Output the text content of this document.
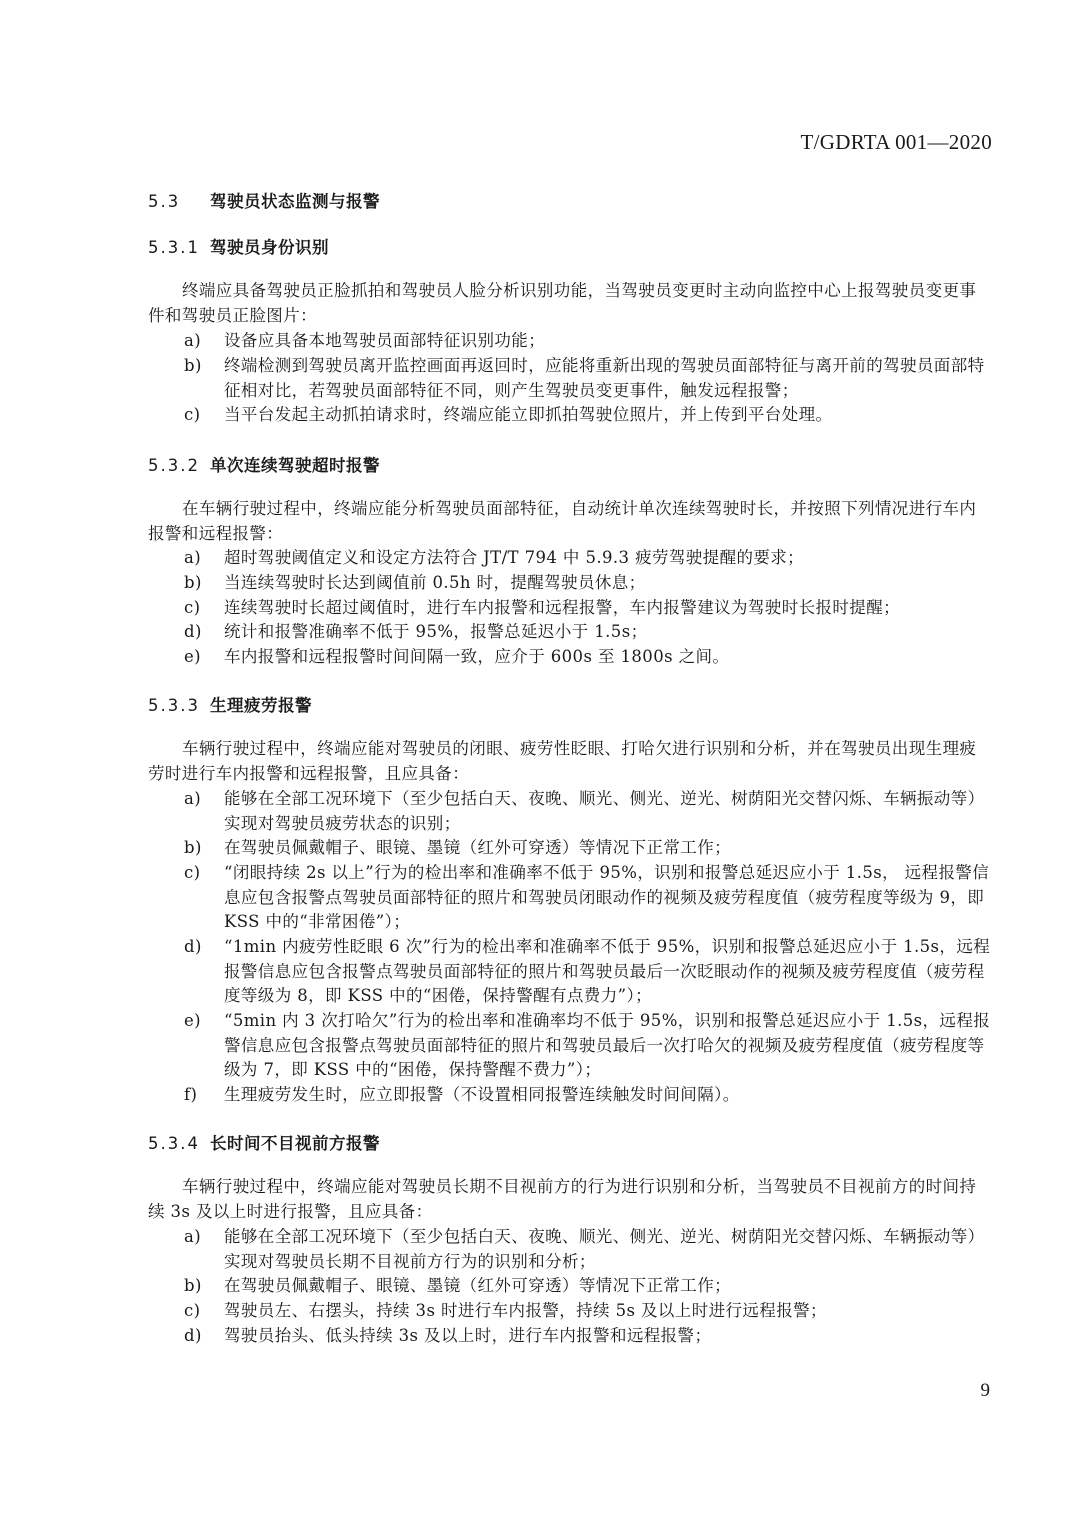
T/GDRTA 001—2020
5.3 驾驶员状态监测与报警
5.3.1 驾驶员身份识别
终端应具备驾驶员正脸抓拍和驾驶员人脸分析识别功能，当驾驶员变更时主动向监控中心上报驾驶员变更事件和驾驶员正脸图片：
a)	设备应具备本地驾驶员面部特征识别功能；
b)	终端检测到驾驶员离开监控画面再返回时，应能将重新出现的驾驶员面部特征与离开前的驾驶员面部特征相对比，若驾驶员面部特征不同，则产生驾驶员变更事件，触发远程报警；
c)	当平台发起主动抓拍请求时，终端应能立即抓拍驾驶位照片，并上传到平台处理。
5.3.2 单次连续驾驶超时报警
在车辆行驶过程中，终端应能分析驾驶员面部特征，自动统计单次连续驾驶时长，并按照下列情况进行车内报警和远程报警：
a)	超时驾驶阈值定义和设定方法符合 JT/T 794 中 5.9.3 疲劳驾驶提醒的要求；
b)	当连续驾驶时长达到阈值前 0.5h 时，提醒驾驶员休息；
c)	连续驾驶时长超过阈值时，进行车内报警和远程报警，车内报警建议为驾驶时长报时提醒；
d)	统计和报警准确率不低于 95%，报警总延迟小于 1.5s；
e)	车内报警和远程报警时间间隔一致，应介于 600s 至 1800s 之间。
5.3.3 生理疲劳报警
车辆行驶过程中，终端应能对驾驶员的闭眼、疲劳性眨眼、打哈欠进行识别和分析，并在驾驶员出现生理疲劳时进行车内报警和远程报警，且应具备：
a)	能够在全部工况环境下（至少包括白天、夜晚、顺光、侧光、逆光、树荫阳光交替闪烁、车辆振动等）实现对驾驶员疲劳状态的识别；
b)	在驾驶员佩戴帽子、眼镜、墨镜（红外可穿透）等情况下正常工作；
c)	“闭眼持续 2s 以上”行为的检出率和准确率不低于 95%，识别和报警总延迟应小于 1.5s， 远程报警信息应包含报警点驾驶员面部特征的照片和驾驶员闭眼动作的视频及疲劳程度值（疲劳程度等级为 9，即 KSS 中的“非常困倦”）；
d)	“1min 内疲劳性眨眼 6 次”行为的检出率和准确率不低于 95%，识别和报警总延迟应小于 1.5s，远程报警信息应包含报警点驾驶员面部特征的照片和驾驶员最后一次眨眼动作的视频及疲劳程度值（疲劳程度等级为 8，即 KSS 中的“困倦，保持警醒有点费力”）；
e)	“5min 内 3 次打哈欠”行为的检出率和准确率均不低于 95%，识别和报警总延迟应小于 1.5s，远程报警信息应包含报警点驾驶员面部特征的照片和驾驶员最后一次打哈欠的视频及疲劳程度值（疲劳程度等级为 7，即 KSS 中的“困倦，保持警醒不费力”）；
f)	生理疲劳发生时，应立即报警（不设置相同报警连续触发时间间隔）。
5.3.4 长时间不目视前方报警
车辆行驶过程中，终端应能对驾驶员长期不目视前方的行为进行识别和分析，当驾驶员不目视前方的时间持续 3s 及以上时进行报警，且应具备：
a)	能够在全部工况环境下（至少包括白天、夜晚、顺光、侧光、逆光、树荫阳光交替闪烁、车辆振动等）实现对驾驶员长期不目视前方行为的识别和分析；
b)	在驾驶员佩戴帽子、眼镜、墨镜（红外可穿透）等情况下正常工作；
c)	驾驶员左、右摆头，持续 3s 时进行车内报警，持续 5s 及以上时进行远程报警；
d)	驾驶员抬头、低头持续 3s 及以上时，进行车内报警和远程报警；
9
